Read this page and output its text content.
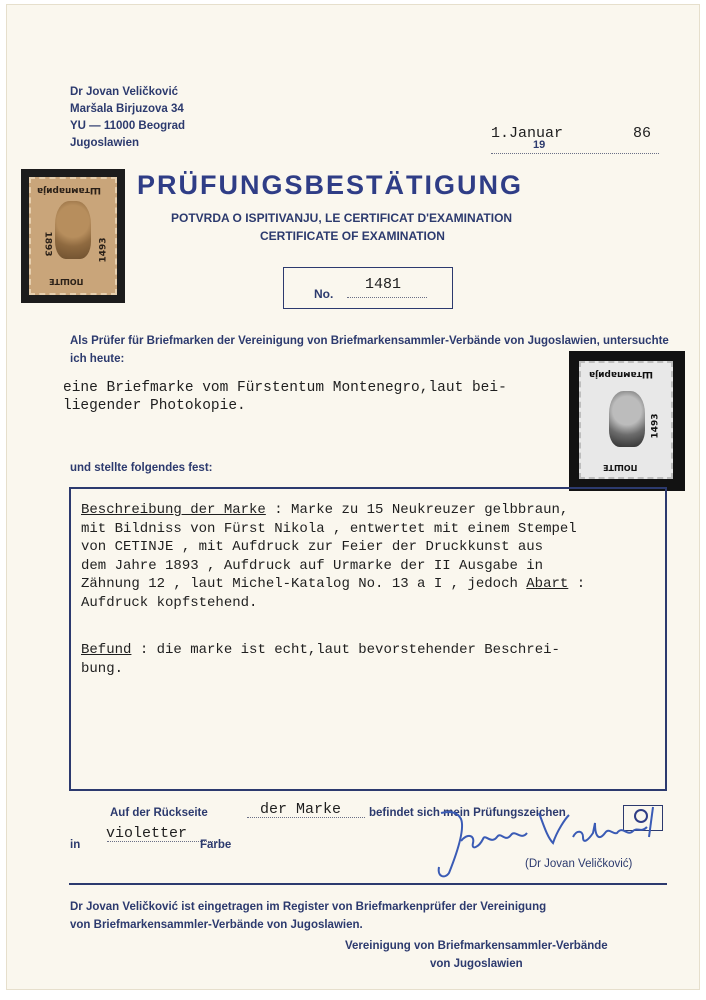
Dr Jovan Veličković
Maršala Birjuzova 34
YU — 11000 Beograd
Jugoslawien
1.Januar
19
86
Штампарија
1893	1493
ПОШТЕ
PRÜFUNGSBESTÄTIGUNG
POTVRDA O ISPITIVANJU, LE CERTIFICAT D'EXAMINATION
CERTIFICATE OF EXAMINATION
No.
1481
Als Prüfer für Briefmarken der Vereinigung von Briefmarkensammler-Verbände von Jugoslawien, untersuchte ich heute:
Штампарија
1493
ПОШТЕ
eine Briefmarke vom Fürstentum Montenegro,laut bei-
liegender Photokopie.
und stellte folgendes fest:
Beschreibung der Marke : Marke zu 15 Neukreuzer gelbbraun,
mit Bildniss von Fürst Nikola , entwertet mit einem Stempel
von CETINJE , mit Aufdruck zur Feier der Druckkunst aus
dem Jahre 1893 , Aufdruck auf Urmarke der II Ausgabe in
Zähnung 12 , laut Michel-Katalog No. 13 a I , jedoch Abart :
Aufdruck kopfstehend.
Befund : die marke ist echt,laut bevorstehender Beschrei-
bung.
Auf der Rückseite	der Marke befindet sich mein Prüfungszeichen
in
violetter
Farbe
(Dr Jovan Veličković)
Dr Jovan Veličković ist eingetragen im Register von Briefmarkenprüfer der Vereinigung
von Briefmarkensammler-Verbände von Jugoslawien.
Vereinigung von Briefmarkensammler-Verbände
von Jugoslawien
